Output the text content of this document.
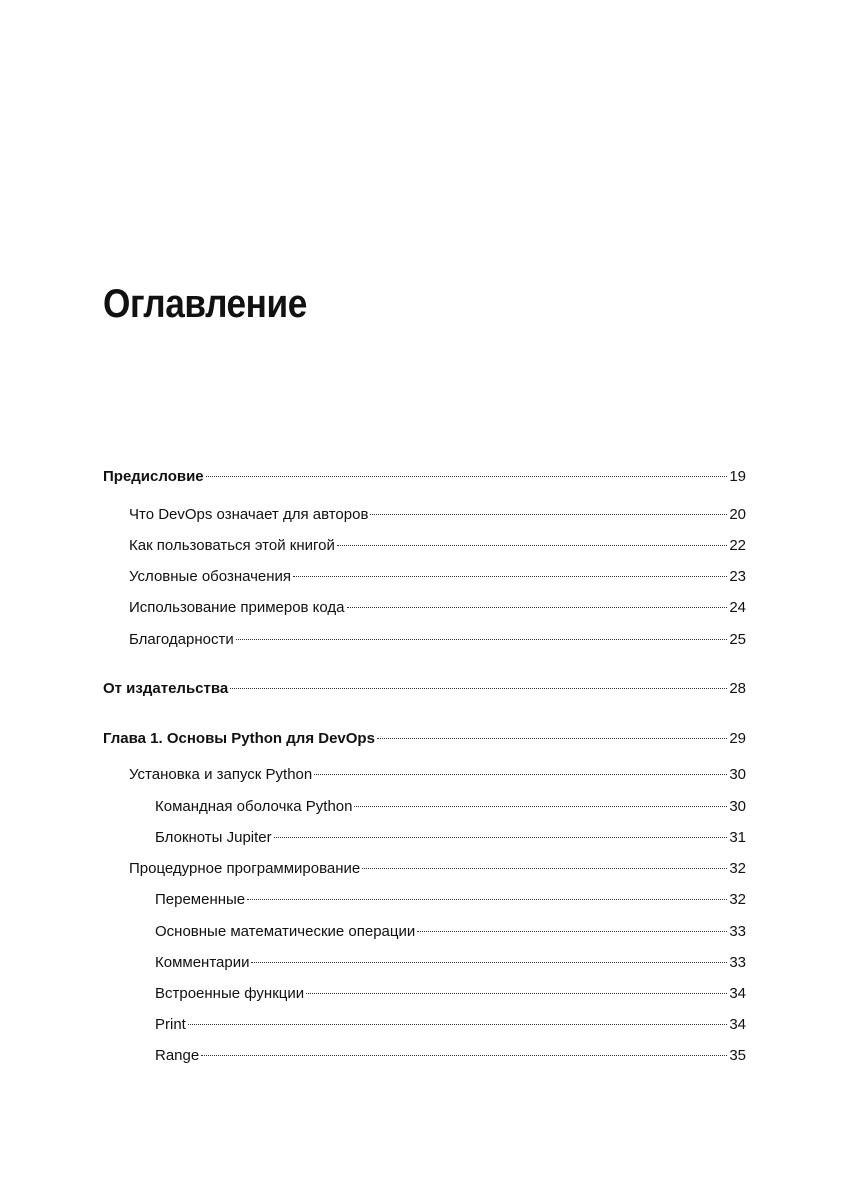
Оглавление
Предисловие	19
Что DevOps означает для авторов	20
Как пользоваться этой книгой	22
Условные обозначения	23
Использование примеров кода	24
Благодарности	25
От издательства	28
Глава 1. Основы Python для DevOps	29
Установка и запуск Python	30
Командная оболочка Python	30
Блокноты Jupiter	31
Процедурное программирование	32
Переменные	32
Основные математические операции	33
Комментарии	33
Встроенные функции	34
Print	34
Range	35
